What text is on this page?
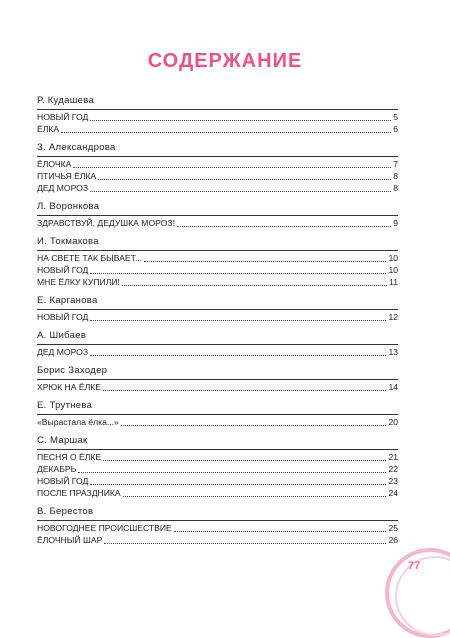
СОДЕРЖАНИЕ
Р. Кудашева
НОВЫЙ ГОД	5
ЁЛКА	6
З. Александрова
ЁЛОЧКА	7
ПТИЧЬЯ ЁЛКА	8
ДЕД МОРОЗ	8
Л. Воронкова
ЗДРАВСТВУЙ, ДЕДУШКА МОРОЗ!	9
И. Токмакова
НА СВЕТЕ ТАК БЫВАЕТ...	10
НОВЫЙ ГОД	10
МНЕ ЁЛКУ КУПИЛИ!	11
Е. Карганова
НОВЫЙ ГОД	12
А. Шибаев
ДЕД МОРОЗ	13
Борис Заходер
ХРЮК НА ЁЛКЕ	14
Е. Трутнева
«Вырастала ёлка...»	20
С. Маршак
ПЕСНЯ О ЁЛКЕ	21
ДЕКАБРЬ	22
НОВЫЙ ГОД	23
ПОСЛЕ ПРАЗДНИКА	24
В. Берестов
НОВОГОДНЕЕ ПРОИСШЕСТВИЕ	25
ЁЛОЧНЫЙ ШАР	26
77
